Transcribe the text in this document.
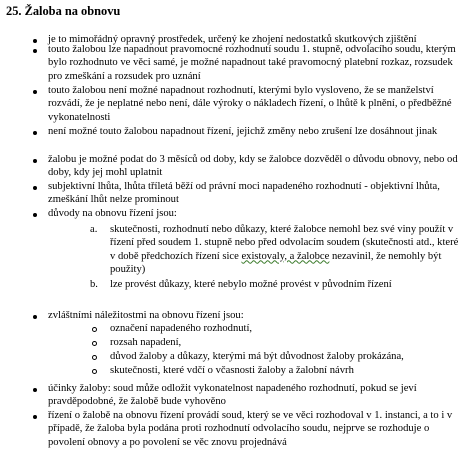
25. Žaloba na obnovu
je to mimořádný opravný prostředek, určený ke zhojení nedostatků skutkových zjištění
touto žalobou lze napadnout pravomocné rozhodnutí soudu 1. stupně, odvolacího soudu, kterým bylo rozhodnuto ve věci samé, je možné napadnout také pravomocný platební rozkaz, rozsudek pro zmeškání a rozsudek pro uznání
touto žalobou není možné napadnout rozhodnutí, kterými bylo vysloveno, že se manželství rozvádí, že je neplatné nebo není, dále výroky o nákladech řízení, o lhůtě k plnění, o předběžné vykonatelnosti
není možné touto žalobou napadnout řízení, jejichž změny nebo zrušení lze dosáhnout jinak
žalobu je možné podat do 3 měsíců od doby, kdy se žalobce dozvěděl o důvodu obnovy, nebo od doby, kdy jej mohl uplatnit
subjektivní lhůta, lhůta tříletá běží od právní moci napadeného rozhodnutí - objektivní lhůta, zmeškání lhůt nelze prominout
důvody na obnovu řízení jsou:
a. skutečnosti, rozhodnutí nebo důkazy, které žalobce nemohl bez své viny použít v řízení před soudem 1. stupně nebo před odvolacím soudem (skutečnosti atd., které v době předchozích řízení sice existovaly, a žalobce nezavinil, že nemohly být použity)
b. lze provést důkazy, které nebylo možné provést v původním řízení
zvláštními náležitostmi na obnovu řízení jsou:
označení napadeného rozhodnutí,
rozsah napadení,
důvod žaloby a důkazy, kterými má být důvodnost žaloby prokázána,
skutečnosti, které vdčí o včasnosti žaloby a žalobní návrh
účinky žaloby: soud může odložit vykonatelnost napadeného rozhodnutí, pokud se jeví pravděpodobné, že žalobě bude vyhověno
řízení o žalobě na obnovu řízení provádí soud, který se ve věci rozhodoval v 1. instanci, a to i v případě, že žaloba byla podána proti rozhodnutí odvolacího soudu, nejprve se rozhoduje o povolení obnovy a po povolení se věc znovu projednává
